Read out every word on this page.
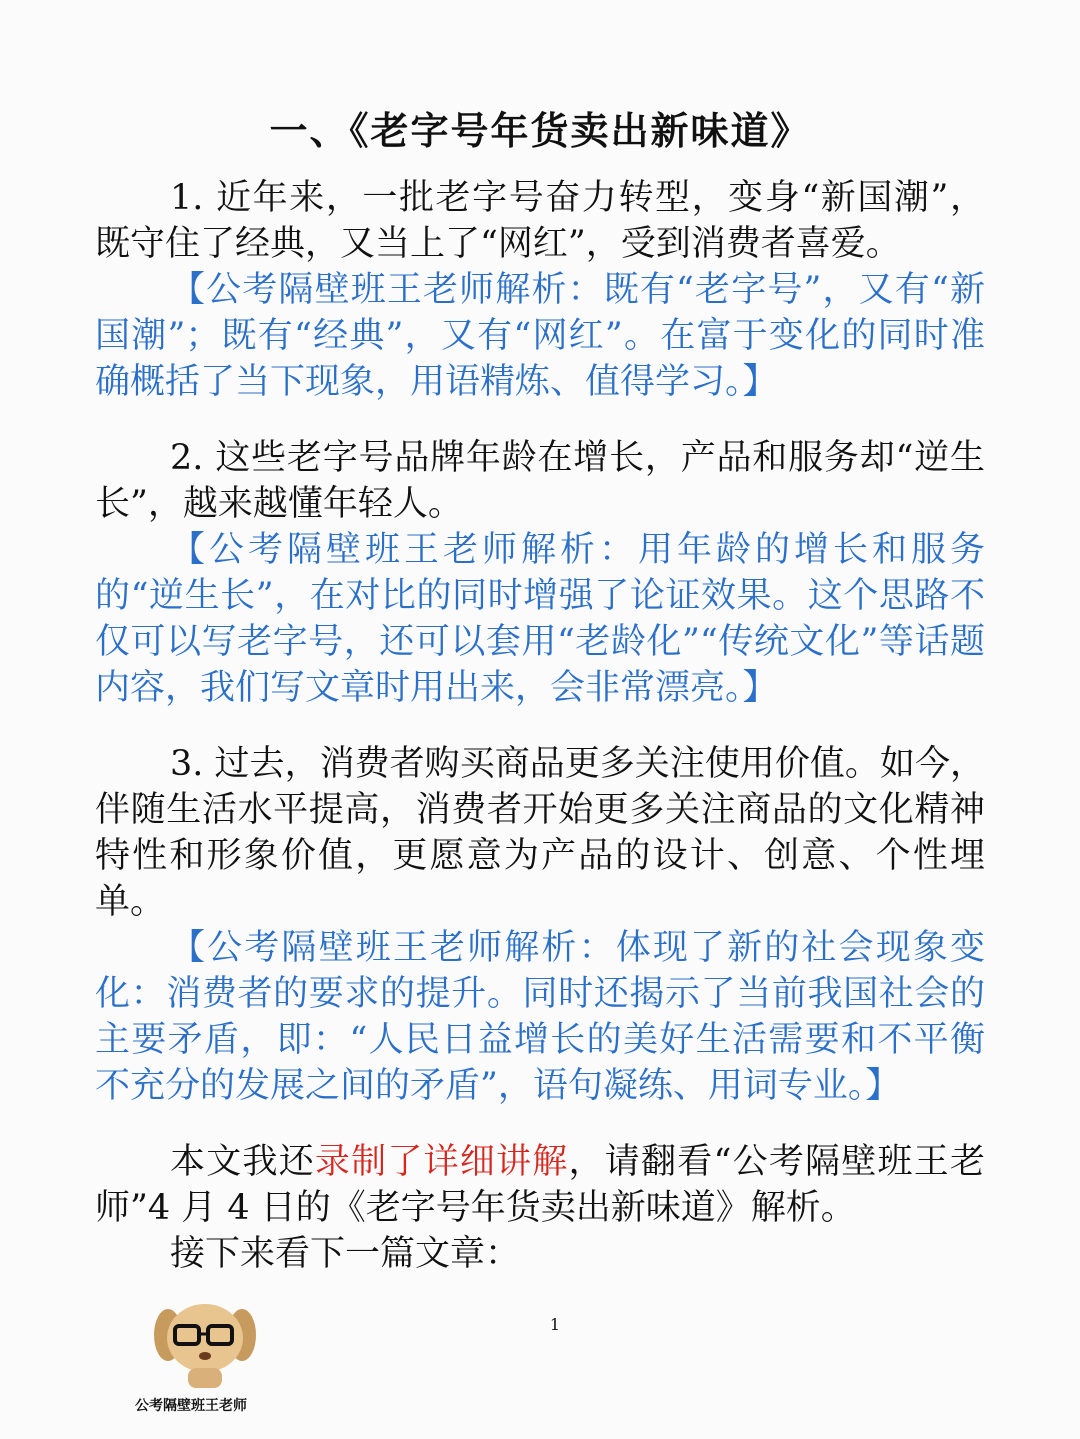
一、《老字号年货卖出新味道》

1. 近年来，一批老字号奋力转型，变身“新国潮”，既守住了经典，又当上了“网红”，受到消费者喜爱。

【公考隔壁班王老师解析：既有“老字号”，又有“新国潮”；既有“经典”，又有“网红”。在富于变化的同时准确概括了当下现象，用语精炼、值得学习。】

2. 这些老字号品牌年龄在增长，产品和服务却“逆生长”，越来越懂年轻人。

【公考隔壁班王老师解析：用年龄的增长和服务的“逆生长”，在对比的同时增强了论证效果。这个思路不仅可以写老字号，还可以套用“老龄化”“传统文化”等话题内容，我们写文章时用出来，会非常漂亮。】

3. 过去，消费者购买商品更多关注使用价值。如今，伴随生活水平提高，消费者开始更多关注商品的文化精神特性和形象价值，更愿意为产品的设计、创意、个性埋单。

【公考隔壁班王老师解析：体现了新的社会现象变化：消费者的要求的提升。同时还揭示了当前我国社会的主要矛盾，即：“人民日益增长的美好生活需要和不平衡不充分的发展之间的矛盾”，语句凝练、用词专业。】

本文我还录制了详细讲解，请翻看“公考隔壁班王老师”4 月 4 日的《老字号年货卖出新味道》解析。

接下来看下一篇文章：

1
公考隔壁班王老师
